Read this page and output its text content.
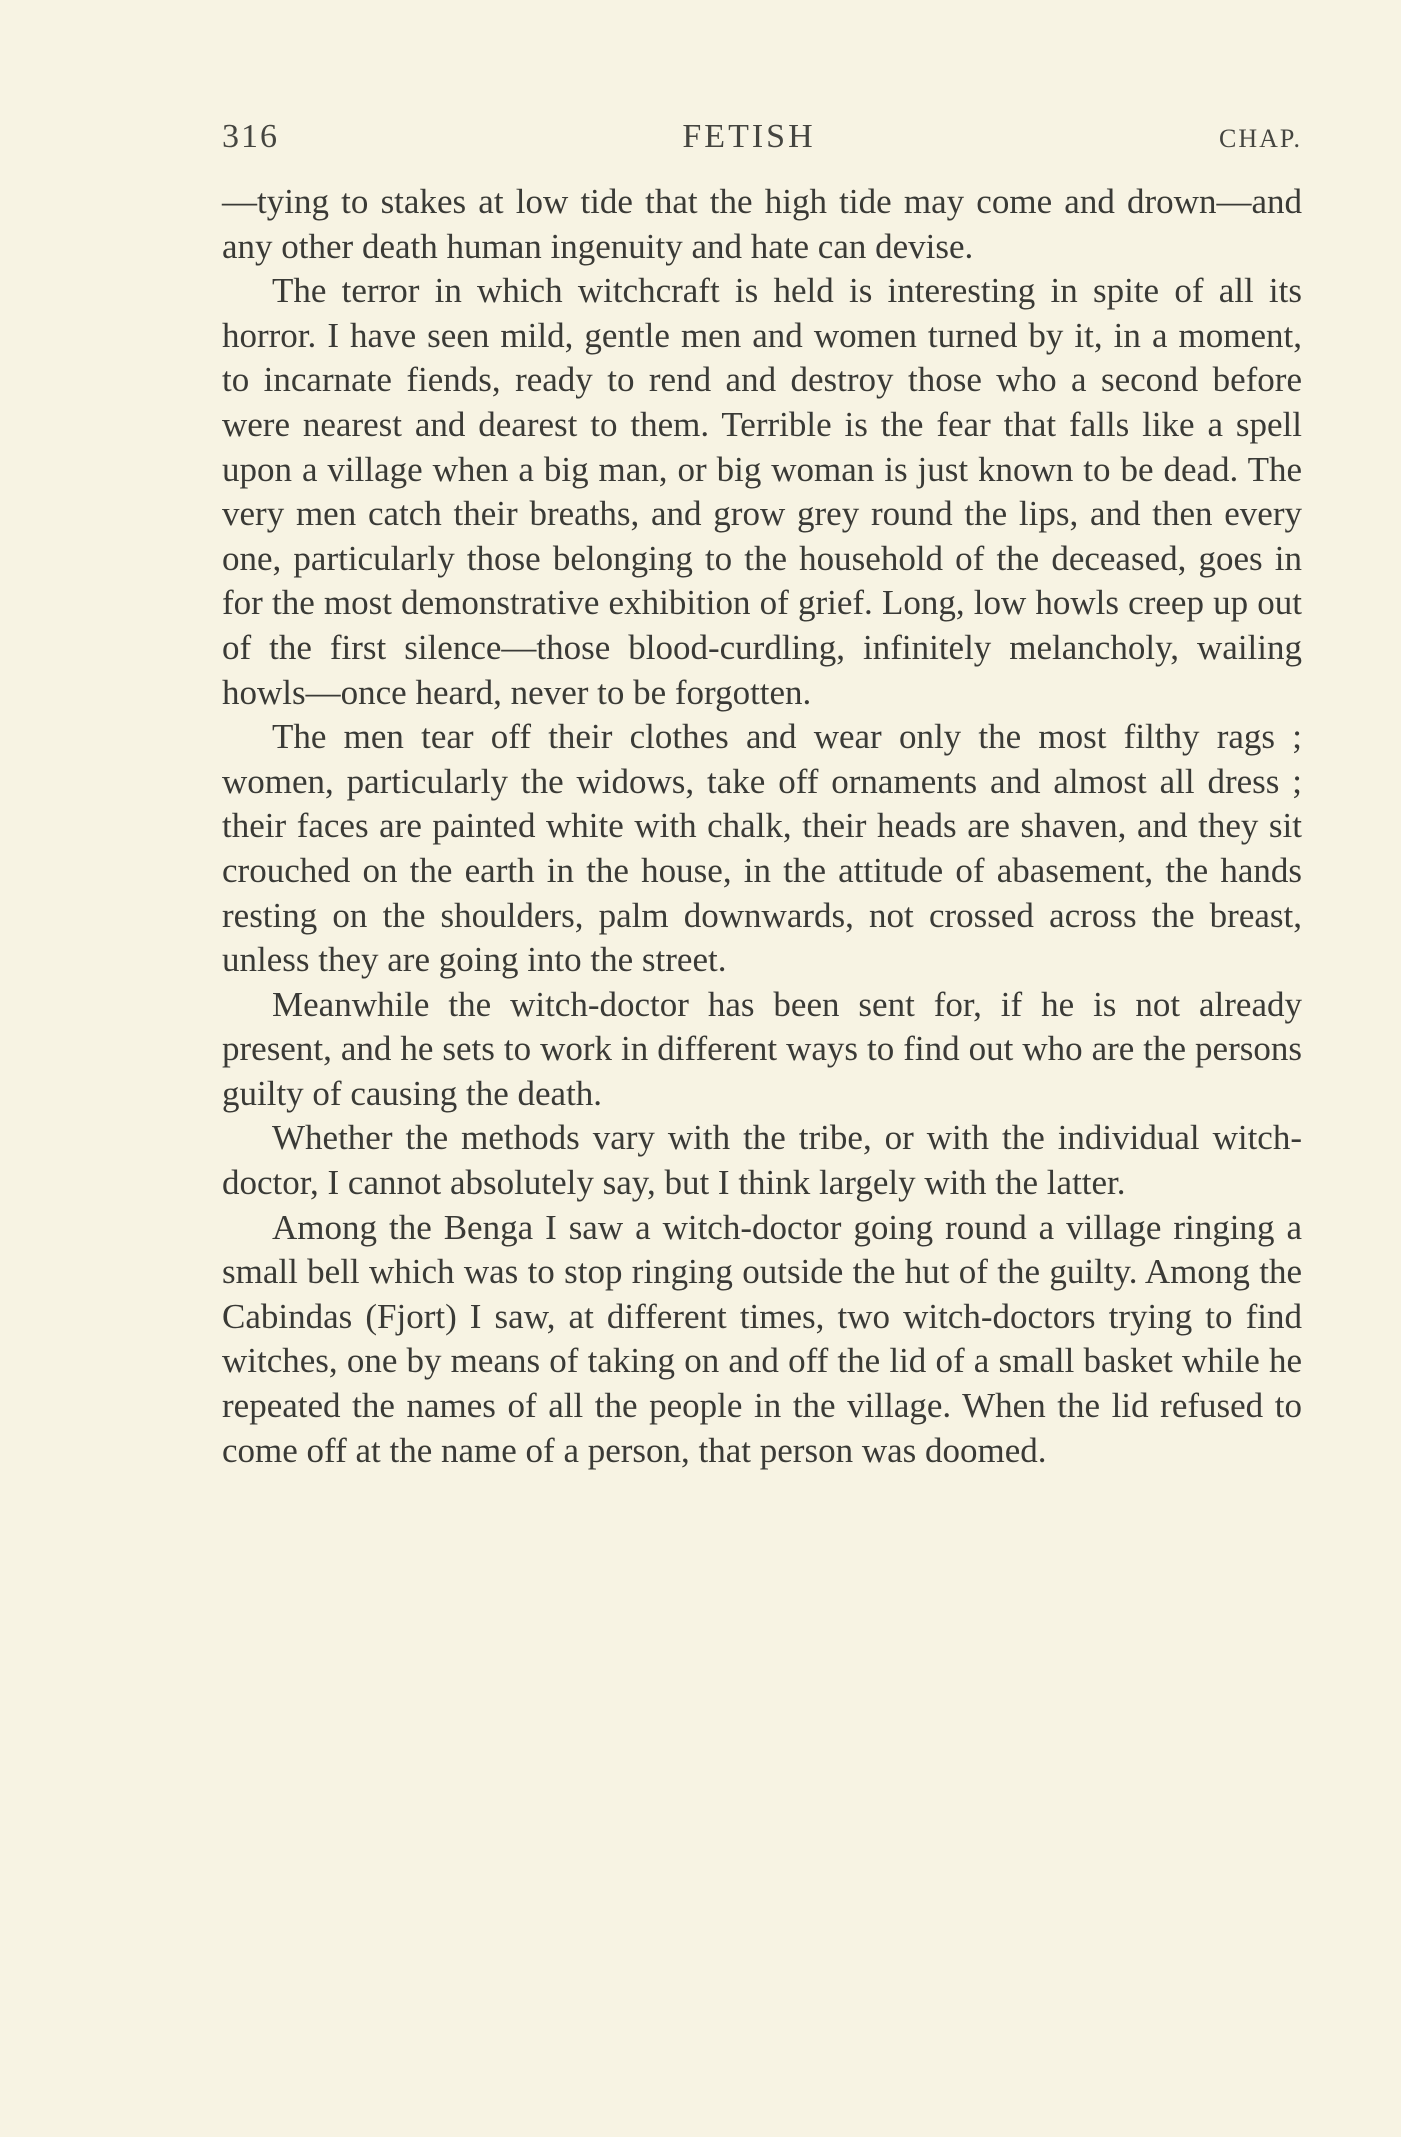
316	FETISH	CHAP.

—tying to stakes at low tide that the high tide may come and drown—and any other death human ingenuity and hate can devise.

The terror in which witchcraft is held is interesting in spite of all its horror. I have seen mild, gentle men and women turned by it, in a moment, to incarnate fiends, ready to rend and destroy those who a second before were nearest and dearest to them. Terrible is the fear that falls like a spell upon a village when a big man, or big woman is just known to be dead. The very men catch their breaths, and grow grey round the lips, and then every one, particularly those belonging to the household of the deceased, goes in for the most demonstrative exhibition of grief. Long, low howls creep up out of the first silence—those blood-curdling, infinitely melancholy, wailing howls—once heard, never to be forgotten.

The men tear off their clothes and wear only the most filthy rags ; women, particularly the widows, take off ornaments and almost all dress ; their faces are painted white with chalk, their heads are shaven, and they sit crouched on the earth in the house, in the attitude of abasement, the hands resting on the shoulders, palm downwards, not crossed across the breast, unless they are going into the street.

Meanwhile the witch-doctor has been sent for, if he is not already present, and he sets to work in different ways to find out who are the persons guilty of causing the death.

Whether the methods vary with the tribe, or with the individual witch-doctor, I cannot absolutely say, but I think largely with the latter.

Among the Benga I saw a witch-doctor going round a village ringing a small bell which was to stop ringing outside the hut of the guilty. Among the Cabindas (Fjort) I saw, at different times, two witch-doctors trying to find witches, one by means of taking on and off the lid of a small basket while he repeated the names of all the people in the village. When the lid refused to come off at the name of a person, that person was doomed.
